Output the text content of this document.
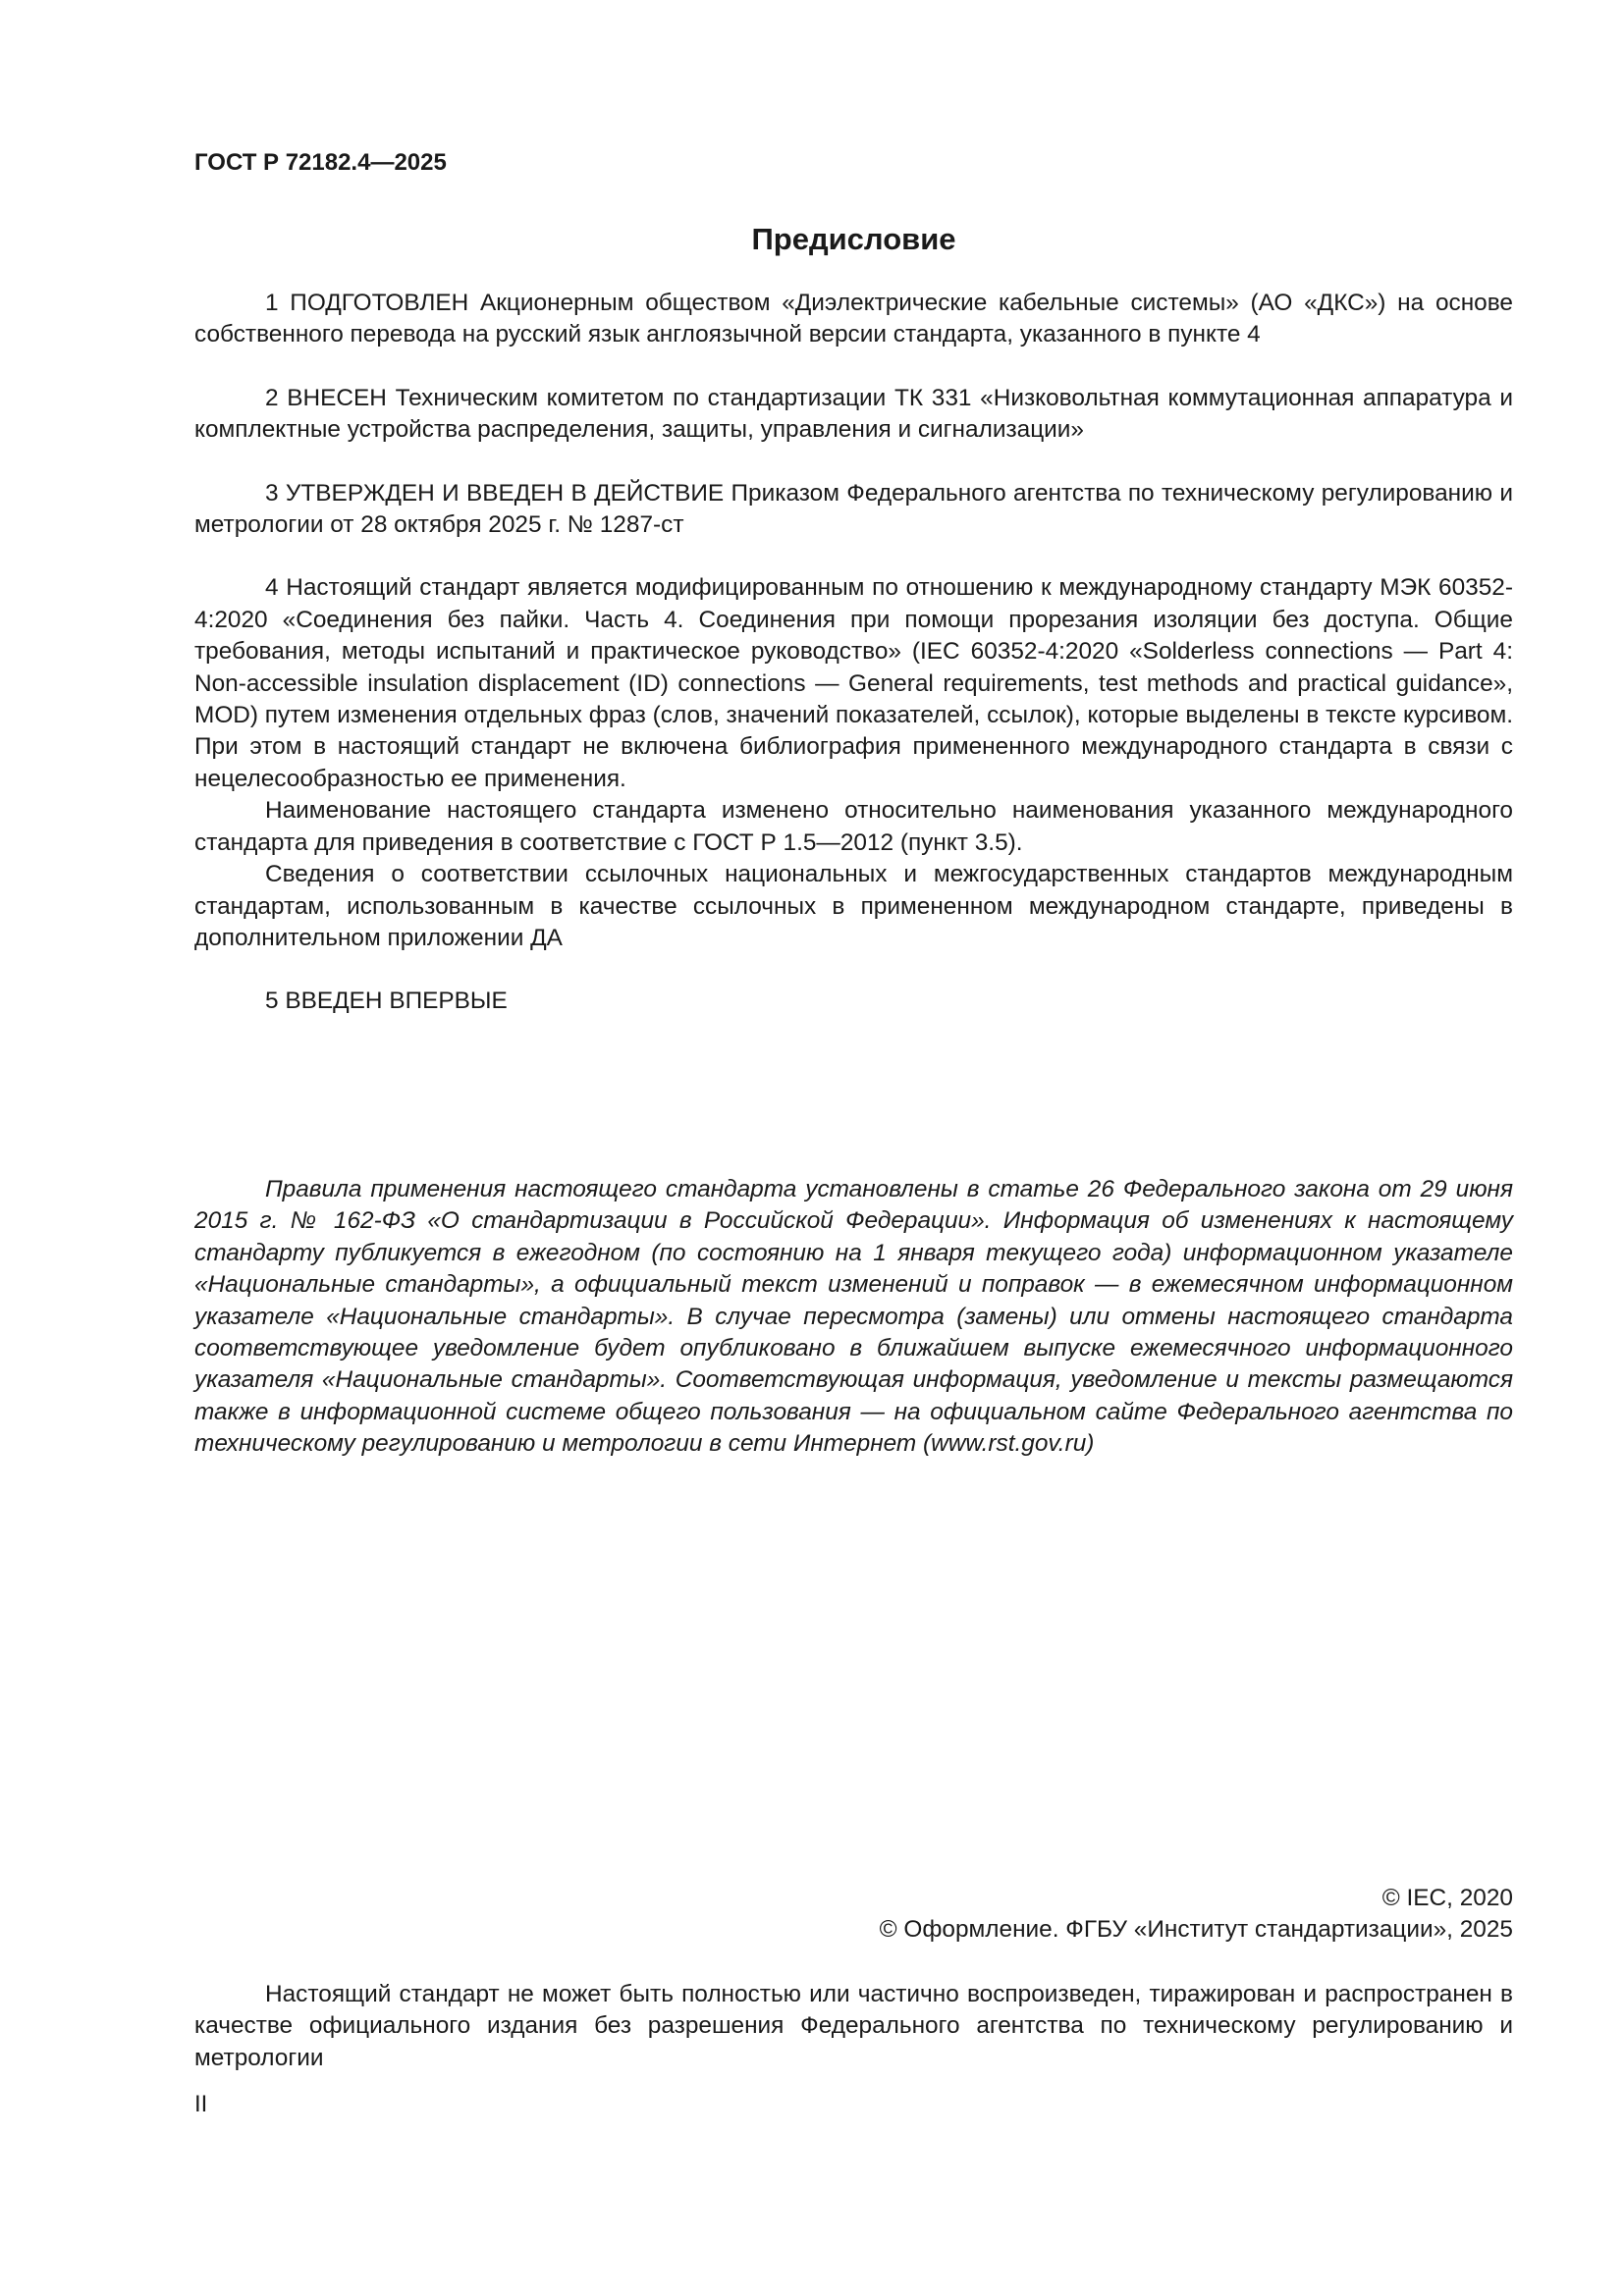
ГОСТ Р 72182.4—2025
Предисловие

1 ПОДГОТОВЛЕН Акционерным обществом «Диэлектрические кабельные системы» (АО «ДКС») на основе собственного перевода на русский язык англоязычной версии стандарта, указанного в пункте 4

2 ВНЕСЕН Техническим комитетом по стандартизации ТК 331 «Низковольтная коммутационная аппаратура и комплектные устройства распределения, защиты, управления и сигнализации»

3 УТВЕРЖДЕН И ВВЕДЕН В ДЕЙСТВИЕ Приказом Федерального агентства по техническому регулированию и метрологии от 28 октября 2025 г. № 1287-ст

4 Настоящий стандарт является модифицированным по отношению к международному стандарту МЭК 60352-4:2020 «Соединения без пайки. Часть 4. Соединения при помощи прорезания изоляции без доступа. Общие требования, методы испытаний и практическое руководство» (IEC 60352-4:2020 «Solderless connections — Part 4: Non-accessible insulation displacement (ID) connections — General requirements, test methods and practical guidance», MOD) путем изменения отдельных фраз (слов, значений показателей, ссылок), которые выделены в тексте курсивом. При этом в настоящий стандарт не включена библиография примененного международного стандарта в связи с нецелесообразностью ее применения.

Наименование настоящего стандарта изменено относительно наименования указанного международного стандарта для приведения в соответствие с ГОСТ Р 1.5—2012 (пункт 3.5).

Сведения о соответствии ссылочных национальных и межгосударственных стандартов международным стандартам, использованным в качестве ссылочных в примененном международном стандарте, приведены в дополнительном приложении ДА

5 ВВЕДЕН ВПЕРВЫЕ

Правила применения настоящего стандарта установлены в статье 26 Федерального закона от 29 июня 2015 г. № 162-ФЗ «О стандартизации в Российской Федерации». Информация об изменениях к настоящему стандарту публикуется в ежегодном (по состоянию на 1 января текущего года) информационном указателе «Национальные стандарты», а официальный текст изменений и поправок — в ежемесячном информационном указателе «Национальные стандарты». В случае пересмотра (замены) или отмены настоящего стандарта соответствующее уведомление будет опубликовано в ближайшем выпуске ежемесячного информационного указателя «Национальные стандарты». Соответствующая информация, уведомление и тексты размещаются также в информационной системе общего пользования — на официальном сайте Федерального агентства по техническому регулированию и метрологии в сети Интернет (www.rst.gov.ru)

© IEC, 2020
© Оформление. ФГБУ «Институт стандартизации», 2025

Настоящий стандарт не может быть полностью или частично воспроизведен, тиражирован и распространен в качестве официального издания без разрешения Федерального агентства по техническому регулированию и метрологии

II
